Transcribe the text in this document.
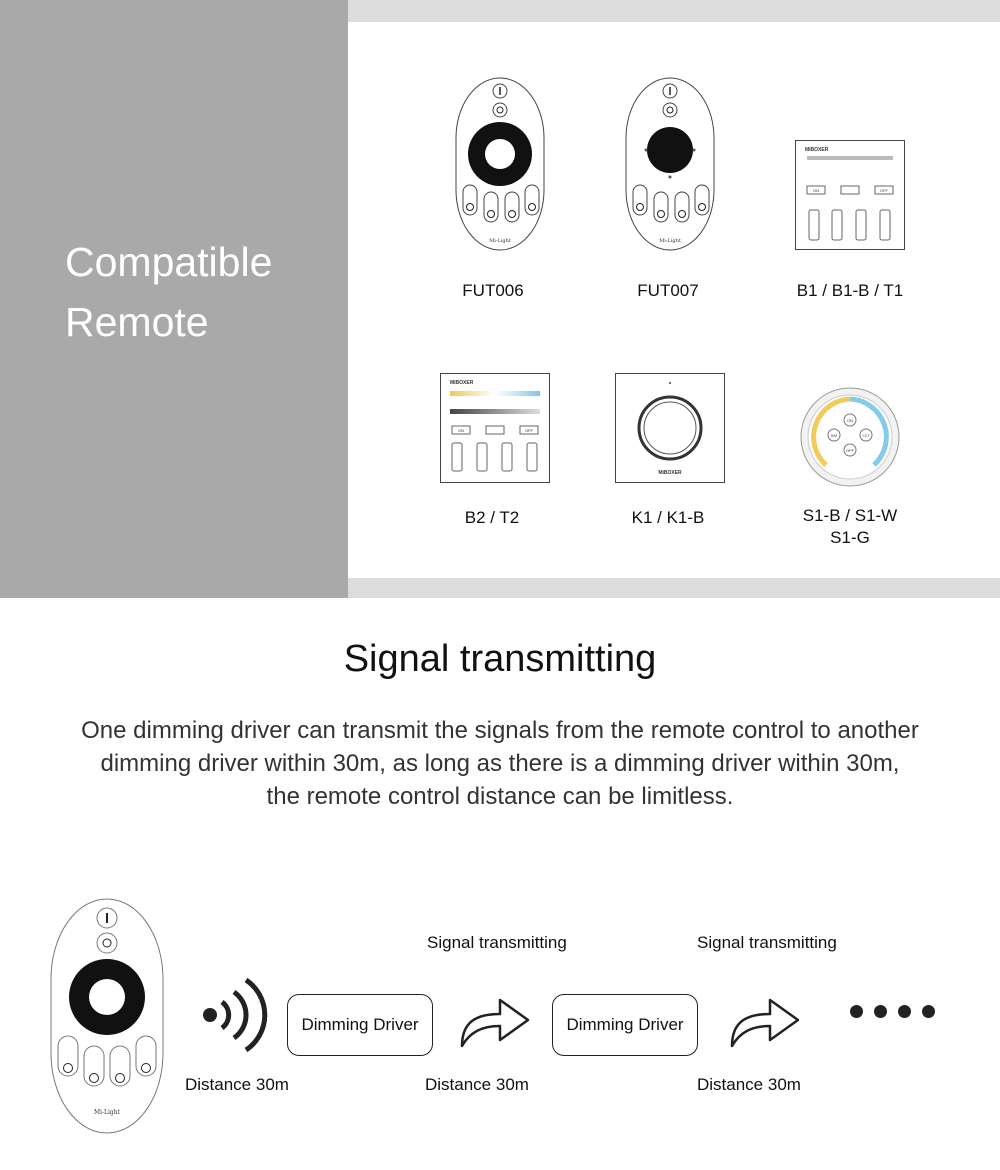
Compatible
Remote
Mi-Light
FUT006
Mi-Light
FUT007
MiBOXER
ON	OFF
B1 / B1-B / T1
MiBOXER
ON	OFF
B2 / T2
MiBOXER
K1 / K1-B
ON
S/M	CCT
OFF
S1-B / S1-W
S1-G
Signal transmitting
One dimming driver can transmit the signals from the remote control to another
dimming driver within 30m, as long as there is a dimming driver within 30m,
the remote control distance can be limitless.
Mi-Light
Dimming Driver	Dimming Driver
Signal transmitting	Signal transmitting
Distance 30m	Distance 30m	Distance 30m
